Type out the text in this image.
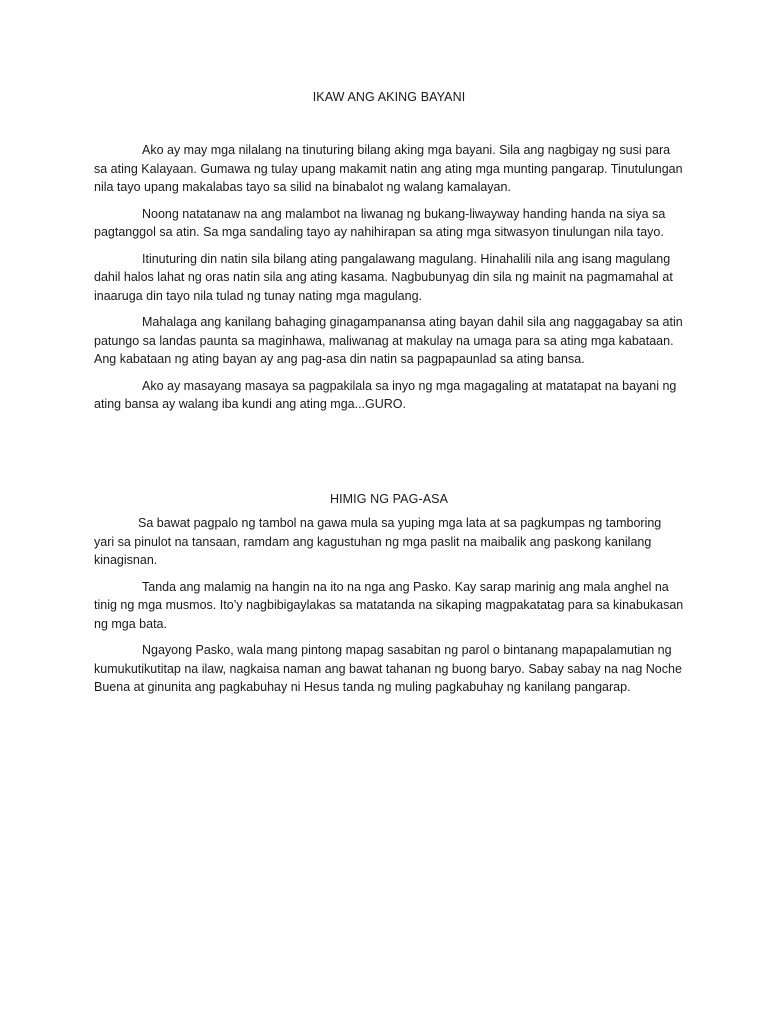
IKAW ANG AKING BAYANI

Ako ay may mga nilalang na tinuturing bilang aking mga bayani. Sila ang nagbigay ng susi para sa ating Kalayaan. Gumawa ng tulay upang makamit natin ang ating mga munting pangarap. Tinutulungan nila tayo upang makalabas tayo sa silid na binabalot ng walang kamalayan.

Noong natatanaw na ang malambot na liwanag ng bukang-liwayway handing handa na siya sa pagtanggol sa atin. Sa mga sandaling tayo ay nahihirapan sa ating mga sitwasyon tinulungan nila tayo.

Itinuturing din natin sila bilang ating pangalawang magulang. Hinahalili nila ang isang magulang dahil halos lahat ng oras natin sila ang ating kasama. Nagbubunyag din sila ng mainit na pagmamahal at inaaruga din tayo nila tulad ng tunay nating mga magulang.

Mahalaga ang kanilang bahaging ginagampanansa ating bayan dahil sila ang naggagabay sa atin patungo sa landas paunta sa maginhawa, maliwanag at makulay na umaga para sa ating mga kabataan. Ang kabataan ng ating bayan ay ang pag-asa din natin sa pagpapaunlad sa ating bansa.

Ako ay masayang masaya sa pagpakilala sa inyo ng mga magagaling at matatapat na bayani ng ating bansa ay walang iba kundi ang ating mga...GURO.

HIMIG NG PAG-ASA

Sa bawat pagpalo ng tambol na gawa mula sa yuping mga lata at sa pagkumpas ng tamboring yari sa pinulot na tansaan, ramdam ang kagustuhan ng mga paslit na maibalik ang paskong kanilang kinagisnan.

Tanda ang malamig na hangin na ito na nga ang Pasko. Kay sarap marinig ang mala anghel na tinig ng mga musmos. Ito’y nagbibigaylakas sa matatanda na sikaping magpakatatag para sa kinabukasan ng mga bata.

Ngayong Pasko, wala mang pintong mapag sasabitan ng parol o bintanang mapapalamutian ng kumukutikutitap na ilaw, nagkaisa naman ang bawat tahanan ng buong baryo. Sabay sabay na nag Noche Buena at ginunita ang pagkabuhay ni Hesus tanda ng muling pagkabuhay ng kanilang pangarap.
